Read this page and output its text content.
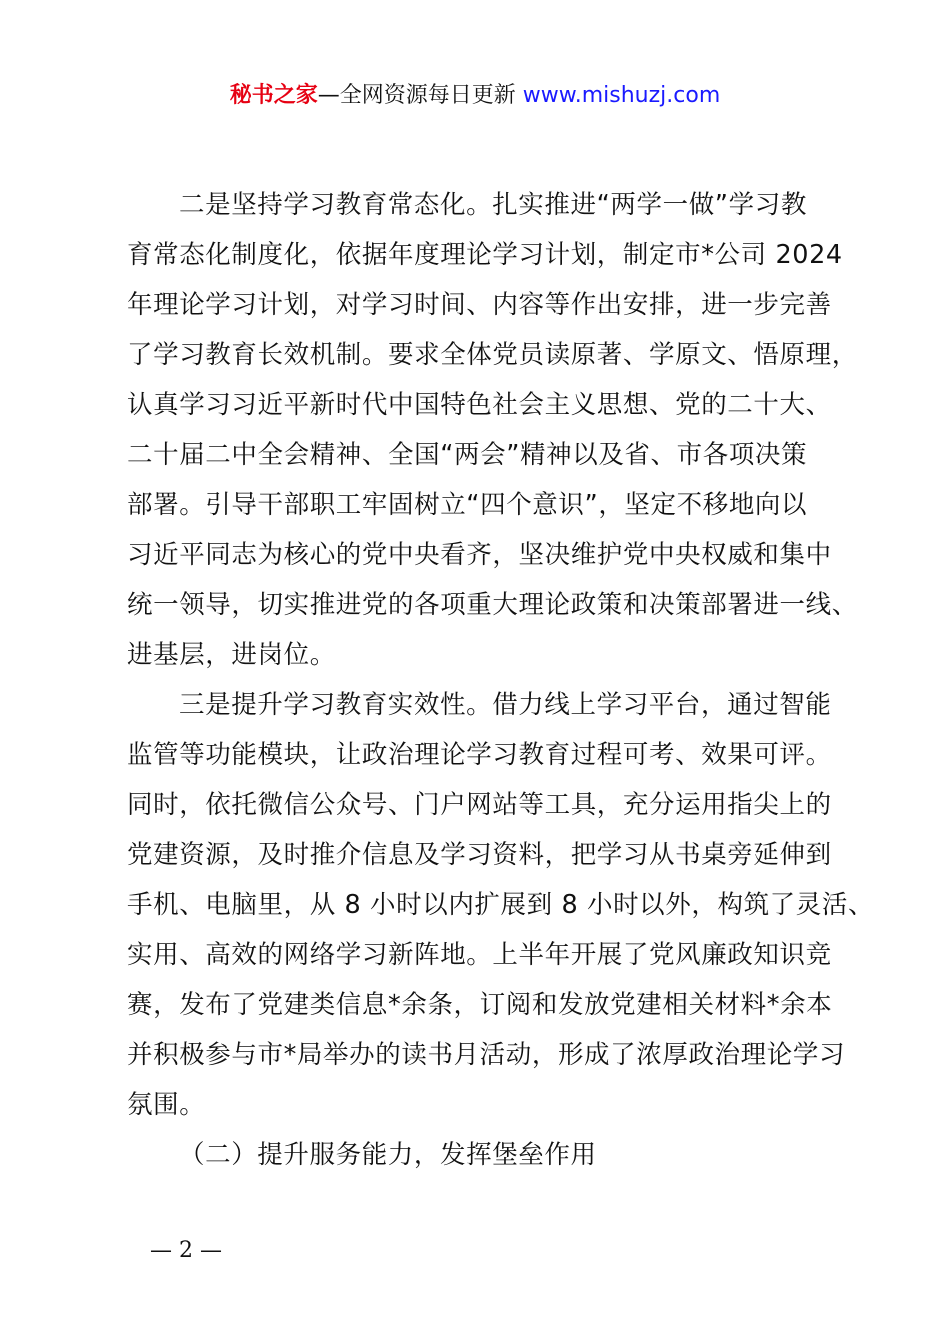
秘书之家—全网资源每日更新 www.mishuzj.com
二是坚持学习教育常态化。扎实推进“两学一做”学习教
育常态化制度化，依据年度理论学习计划，制定市*公司 2024
年理论学习计划，对学习时间、内容等作出安排，进一步完善
了学习教育长效机制。要求全体党员读原著、学原文、悟原理，
认真学习习近平新时代中国特色社会主义思想、党的二十大、
二十届二中全会精神、全国“两会”精神以及省、市各项决策
部署。引导干部职工牢固树立“四个意识”，坚定不移地向以
习近平同志为核心的党中央看齐，坚决维护党中央权威和集中
统一领导，切实推进党的各项重大理论政策和决策部署进一线、
进基层，进岗位。
三是提升学习教育实效性。借力线上学习平台，通过智能
监管等功能模块，让政治理论学习教育过程可考、效果可评。
同时，依托微信公众号、门户网站等工具，充分运用指尖上的
党建资源，及时推介信息及学习资料，把学习从书桌旁延伸到
手机、电脑里，从 8 小时以内扩展到 8 小时以外，构筑了灵活、
实用、高效的网络学习新阵地。上半年开展了党风廉政知识竞
赛，发布了党建类信息*余条，订阅和发放党建相关材料*余本
并积极参与市*局举办的读书月活动，形成了浓厚政治理论学习
氛围。
（二）提升服务能力，发挥堡垒作用
— 2 —
